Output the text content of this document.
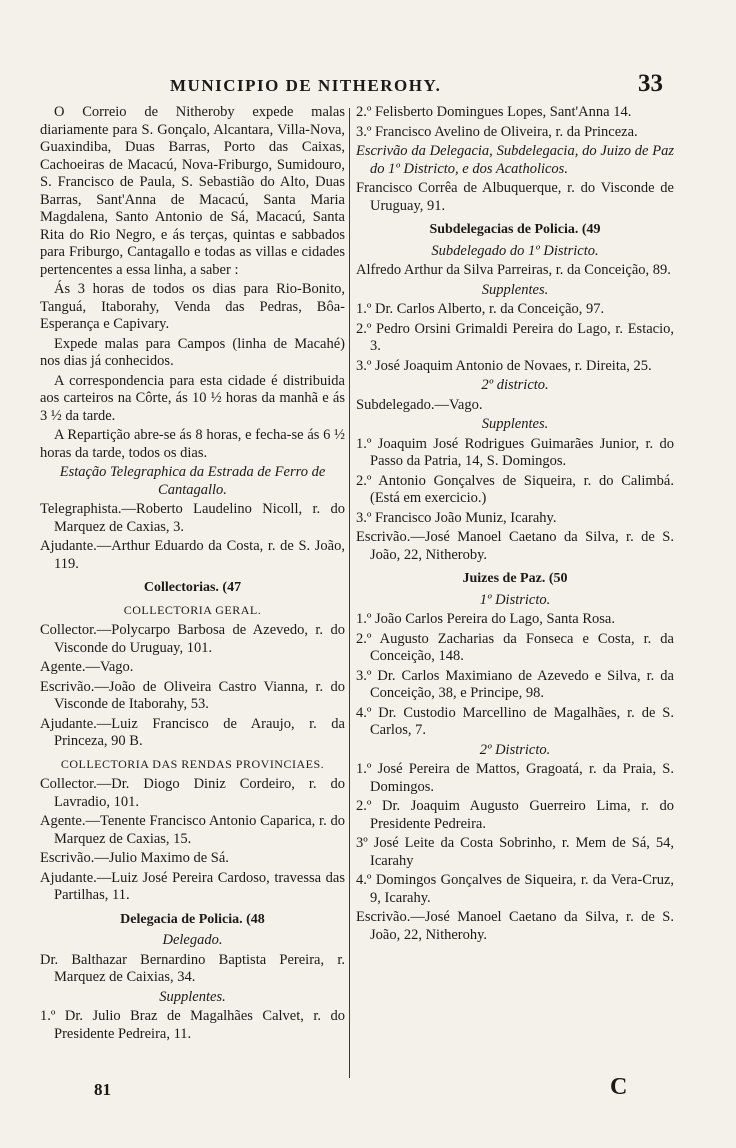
MUNICIPIO DE NITHEROHY.	33

O Correio de Nitheroby expede malas diariamente para S. Gonçalo, Alcantara, Villa-Nova, Guaxindiba, Duas Barras, Porto das Caixas, Cachoeiras de Macacú, Nova-Friburgo, Sumidouro, S. Francisco de Paula, S. Sebastião do Alto, Duas Barras, Sant'Anna de Macacú, Santa Maria Magdalena, Santo Antonio de Sá, Macacú, Santa Rita do Rio Negro, e ás terças, quintas e sabbados para Friburgo, Cantagallo e todas as villas e cidades pertencentes a essa linha, a saber :

Ás 3 horas de todos os dias para Rio-Bonito, Tanguá, Itaborahy, Venda das Pedras, Bôa-Esperança e Capivary.

Expede malas para Campos (linha de Macahé) nos dias já conhecidos.

A correspondencia para esta cidade é distribuida aos carteiros na Côrte, ás 10 ½ horas da manhã e ás 3 ½ da tarde.

A Repartição abre-se ás 8 horas, e fecha-se ás 6 ½ horas da tarde, todos os dias.

Estação Telegraphica da Estrada de Ferro de Cantagallo.

Telegraphista.—Roberto Laudelino Nicoll, r. do Marquez de Caxias, 3.

Ajudante.—Arthur Eduardo da Costa, r. de S. João, 119.

Collectorias. (47
COLLECTORIA GERAL.

Collector.—Polycarpo Barbosa de Azevedo, r. do Visconde do Uruguay, 101.

Agente.—Vago.

Escrivão.—João de Oliveira Castro Vianna, r. do Visconde de Itaborahy, 53.

Ajudante.—Luiz Francisco de Araujo, r. da Princeza, 90 B.

COLLECTORIA DAS RENDAS PROVINCIAES.

Collector.—Dr. Diogo Diniz Cordeiro, r. do Lavradio, 101.

Agente.—Tenente Francisco Antonio Caparica, r. do Marquez de Caxias, 15.

Escrivão.—Julio Maximo de Sá.

Ajudante.—Luiz José Pereira Cardoso, travessa das Partilhas, 11.

Delegacia de Policia. (48

Delegado.

Dr. Balthazar Bernardino Baptista Pereira, r. Marquez de Caixias, 34.

Supplentes.

1.º Dr. Julio Braz de Magalhães Calvet, r. do Presidente Pedreira, 11.

2.º Felisberto Domingues Lopes, Sant'Anna 14.

3.º Francisco Avelino de Oliveira, r. da Princeza.

Escrivão da Delegacia, Subdelegacia, do Juizo de Paz do 1º Districto, e dos Acatholicos.

Francisco Corrêa de Albuquerque, r. do Visconde de Uruguay, 91.

Subdelegacias de Policia. (49

Subdelegado do 1º Districto.

Alfredo Arthur da Silva Parreiras, r. da Conceição, 89.

Supplentes.

1.º Dr. Carlos Alberto, r. da Conceição, 97.

2.º Pedro Orsini Grimaldi Pereira do Lago, r. Estacio, 3.

3.º José Joaquim Antonio de Novaes, r. Direita, 25.

2º districto.

Subdelegado.—Vago.

Supplentes.

1.º Joaquim José Rodrigues Guimarães Junior, r. do Passo da Patria, 14, S. Domingos.

2.º Antonio Gonçalves de Siqueira, r. do Calimbá. (Está em exercicio.)

3.º Francisco João Muniz, Icarahy.

Escrivão.—José Manoel Caetano da Silva, r. de S. João, 22, Nitheroby.

Juizes de Paz. (50

1º Districto.

1.º João Carlos Pereira do Lago, Santa Rosa.

2.º Augusto Zacharias da Fonseca e Costa, r. da Conceição, 148.

3.º Dr. Carlos Maximiano de Azevedo e Silva, r. da Conceição, 38, e Principe, 98.

4.º Dr. Custodio Marcellino de Magalhães, r. de S. Carlos, 7.

2º Districto.

1.º José Pereira de Mattos, Gragoatá, r. da Praia, S. Domingos.

2.º Dr. Joaquim Augusto Guerreiro Lima, r. do Presidente Pedreira.

3º José Leite da Costa Sobrinho, r. Mem de Sá, 54, Icarahy

4.º Domingos Gonçalves de Siqueira, r. da Vera-Cruz, 9, Icarahy.

Escrivão.—José Manoel Caetano da Silva, r. de S. João, 22, Nitherohy.

81	C
